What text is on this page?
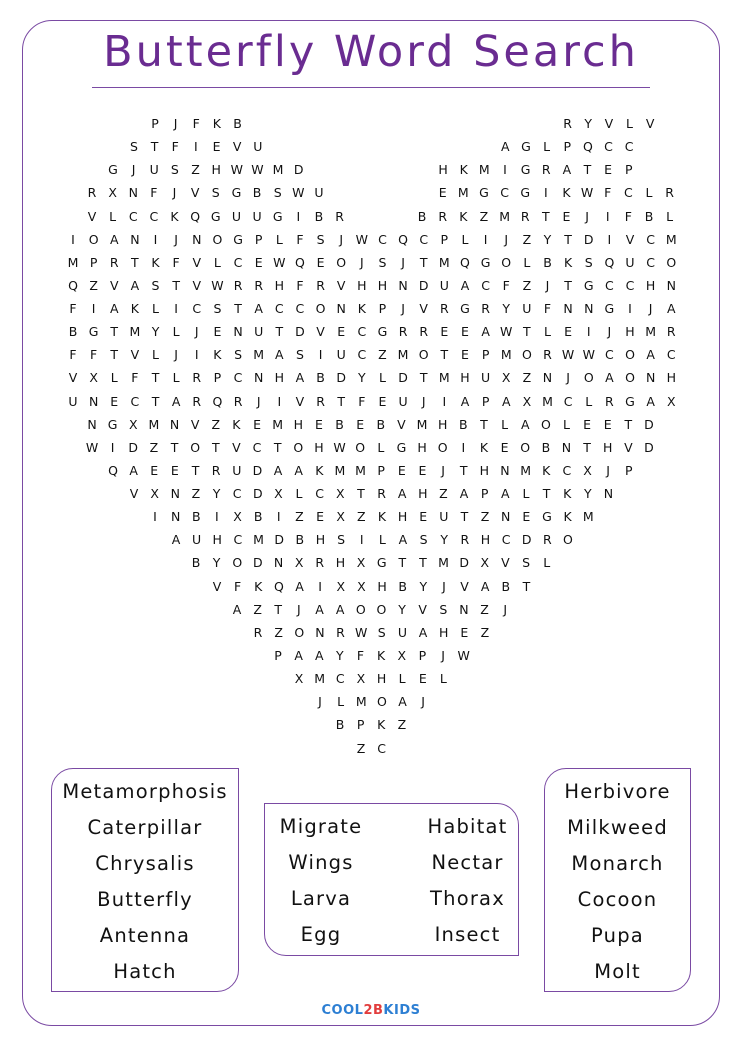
Butterfly Word Search
P	J	F	K B	R Y	V	L	V
S	T	F	I	E V U	A G L	P Q C C
G	J	U S Z H W W M D	H K M	I	G R A	T	E	P
R X N F	J	V S G B S W U	E M G C G	I	K W F	C	L	R
V	L	C C K Q G U U G	I	B R	B R K Z M R T	E	J	I	F	B	L
I	O A N	I	J	N O G P	L	F	S	J	W C Q C P	L	I	J	Z	Y	T D	I	V C M
M P	R T	K	F	V	L	C E W Q E O	J	S	J	T M Q G O L	B K	S Q U C O
Q Z V A S	T	V W R R H F	R V H H N D U A C	F	Z	J	T G C C H N
F	I	A K	L	I	C S	T	A C C O N K	P	J	V R G R Y U F N N G	I	J	A
B G T M Y	L	J	E N U T D V E C G R R E	E A W T	L	E	I	J	H M R
F	F	T	V	L	J	I	K	S M A S	I	U C Z M O T	E	P M O R W W C O A C
V X	L	F	T	L	R	P C N H A B D Y	L D T M H U X Z N	J	O A O N H
U N E C T	A R Q R	J	I	V R T	F	E U	J	I	A	P	A X M C	L	R G A X
N G X M N V Z K	E M H E B E B V M H B	T	L	A O L	E	E	T D
W	I	D Z	T O T	V C T O H W O L G H O	I	K	E O B N T H V D
Q A E	E	T R U D A A K M M P	E	E	J	T H N M K C X	J	P
V X N Z	Y C D X	L	C X	T R A H Z A	P	A	L	T	K	Y N
I	N B	I	X B	I	Z E X Z K H E U T	Z N E G K M
A U H C M D B H S	I	L	A S	Y R H C D R O
B	Y O D N X R H X G T	T M D X V S	L
V	F	K Q A	I	X X H B	Y	J	V A B	T
A Z	T	J	A A O O Y	V S N Z	J
R Z O N R W S U A H E Z
P	A A	Y	F	K X	P	J	W
X M C X H L	E	L
J	L M O A	J
B	P	K Z
Z C
Metamorphosis
Caterpillar
Chrysalis
Butterfly
Antenna
Hatch
Migrate
Wings
Larva
Egg
Habitat
Nectar
Thorax
Insect
Herbivore
Milkweed
Monarch
Cocoon
Pupa
Molt
COOL2BKIDS
